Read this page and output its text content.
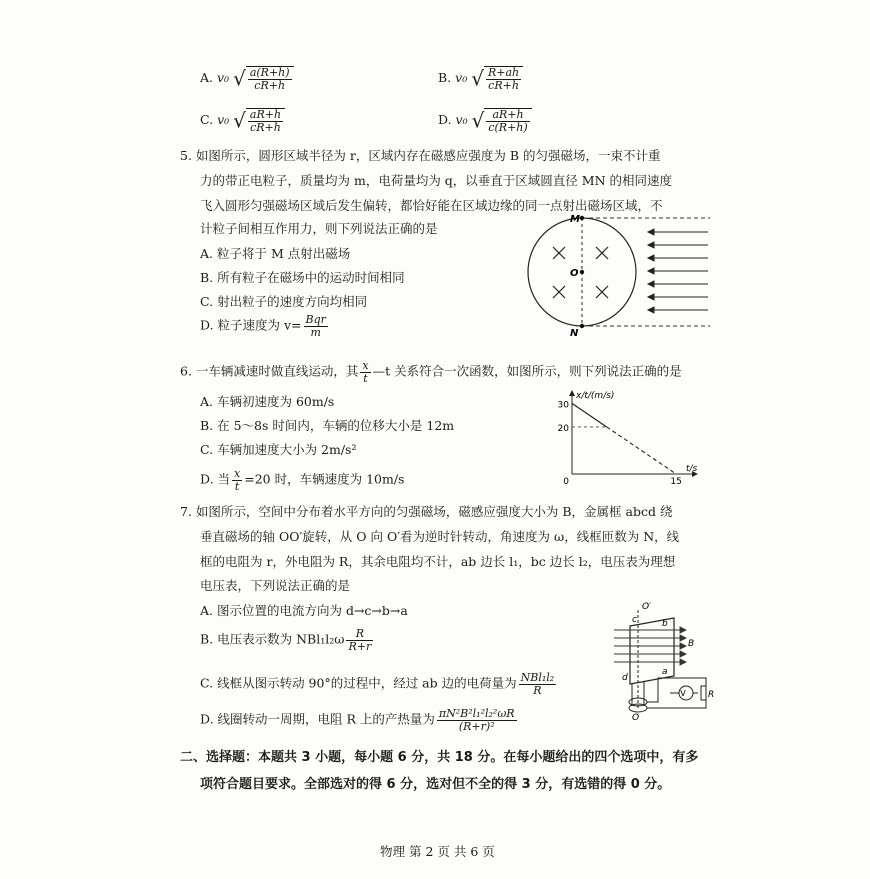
A. v₀ √ $\frac{a(R+h)}{cR+h}$	B. v₀ √ $\frac{R+ah}{cR+h}$
C. v₀ √ $\frac{aR+h}{cR+h}$	D. v₀ √ $\frac{aR+h}{c(R+h)}$
5. 如图所示，圆形区域半径为 r，区域内存在磁感应强度为 B 的匀强磁场，一束不计重
力的带正电粒子，质量均为 m，电荷量均为 q，以垂直于区域圆直径 MN 的相同速度
飞入圆形匀强磁场区域后发生偏转，都恰好能在区域边缘的同一点射出磁场区域，不
计粒子间相互作用力，则下列说法正确的是
A. 粒子将于 M 点射出磁场
B. 所有粒子在磁场中的运动时间相同
C. 射出粒子的速度方向均相同
D. 粒子速度为 $v= \frac{\text{Bqr}}{m}$
M
O
N
6. 一车辆减速时做直线运动，其 $\frac{x}{t}$ —t 关系符合一次函数，如图所示，则下列说法正确的是
A. 车辆初速度为 60m/s
B. 在 5～8s 时间内，车辆的位移大小是 12m
C. 车辆加速度大小为 2m/s²
D. 当 $\frac{x}{t} =20$ 时，车辆速度为 10m/s
30
20
0	15
x/t/(m/s)
t/s
7. 如图所示，空间中分布着水平方向的匀强磁场，磁感应强度大小为 B，金属框 abcd 绕
垂直磁场的轴 OO′旋转，从 O 向 O′看为逆时针转动，角速度为 ω，线框匝数为 N，线
框的电阻为 r，外电阻为 R，其余电阻均不计，ab 边长 l₁，bc 边长 l₂，电压表为理想
电压表，下列说法正确的是
A. 图示位置的电流方向为 d→c→b→a
B. 电压表示数为 $NBl_1l_2\omega \frac{R}{R+r}$
C. 线框从图示转动 90°的过程中，经过 ab 边的电荷量为 $\frac{\text{NBl₁l₂}}{R}$
D. 线圈转动一周期，电阻 R 上的产热量为 $\frac{\text{πN²B²l₁²l₂²ωR}}{\text{(R+r)²}}$
O′
O
b
c
d
a
B
V R
二、选择题：本题共 3 小题，每小题 6 分，共 18 分。在每小题给出的四个选项中，有多
项符合题目要求。全部选对的得 6 分，选对但不全的得 3 分，有选错的得 0 分。
物理 第 2 页 共 6 页
